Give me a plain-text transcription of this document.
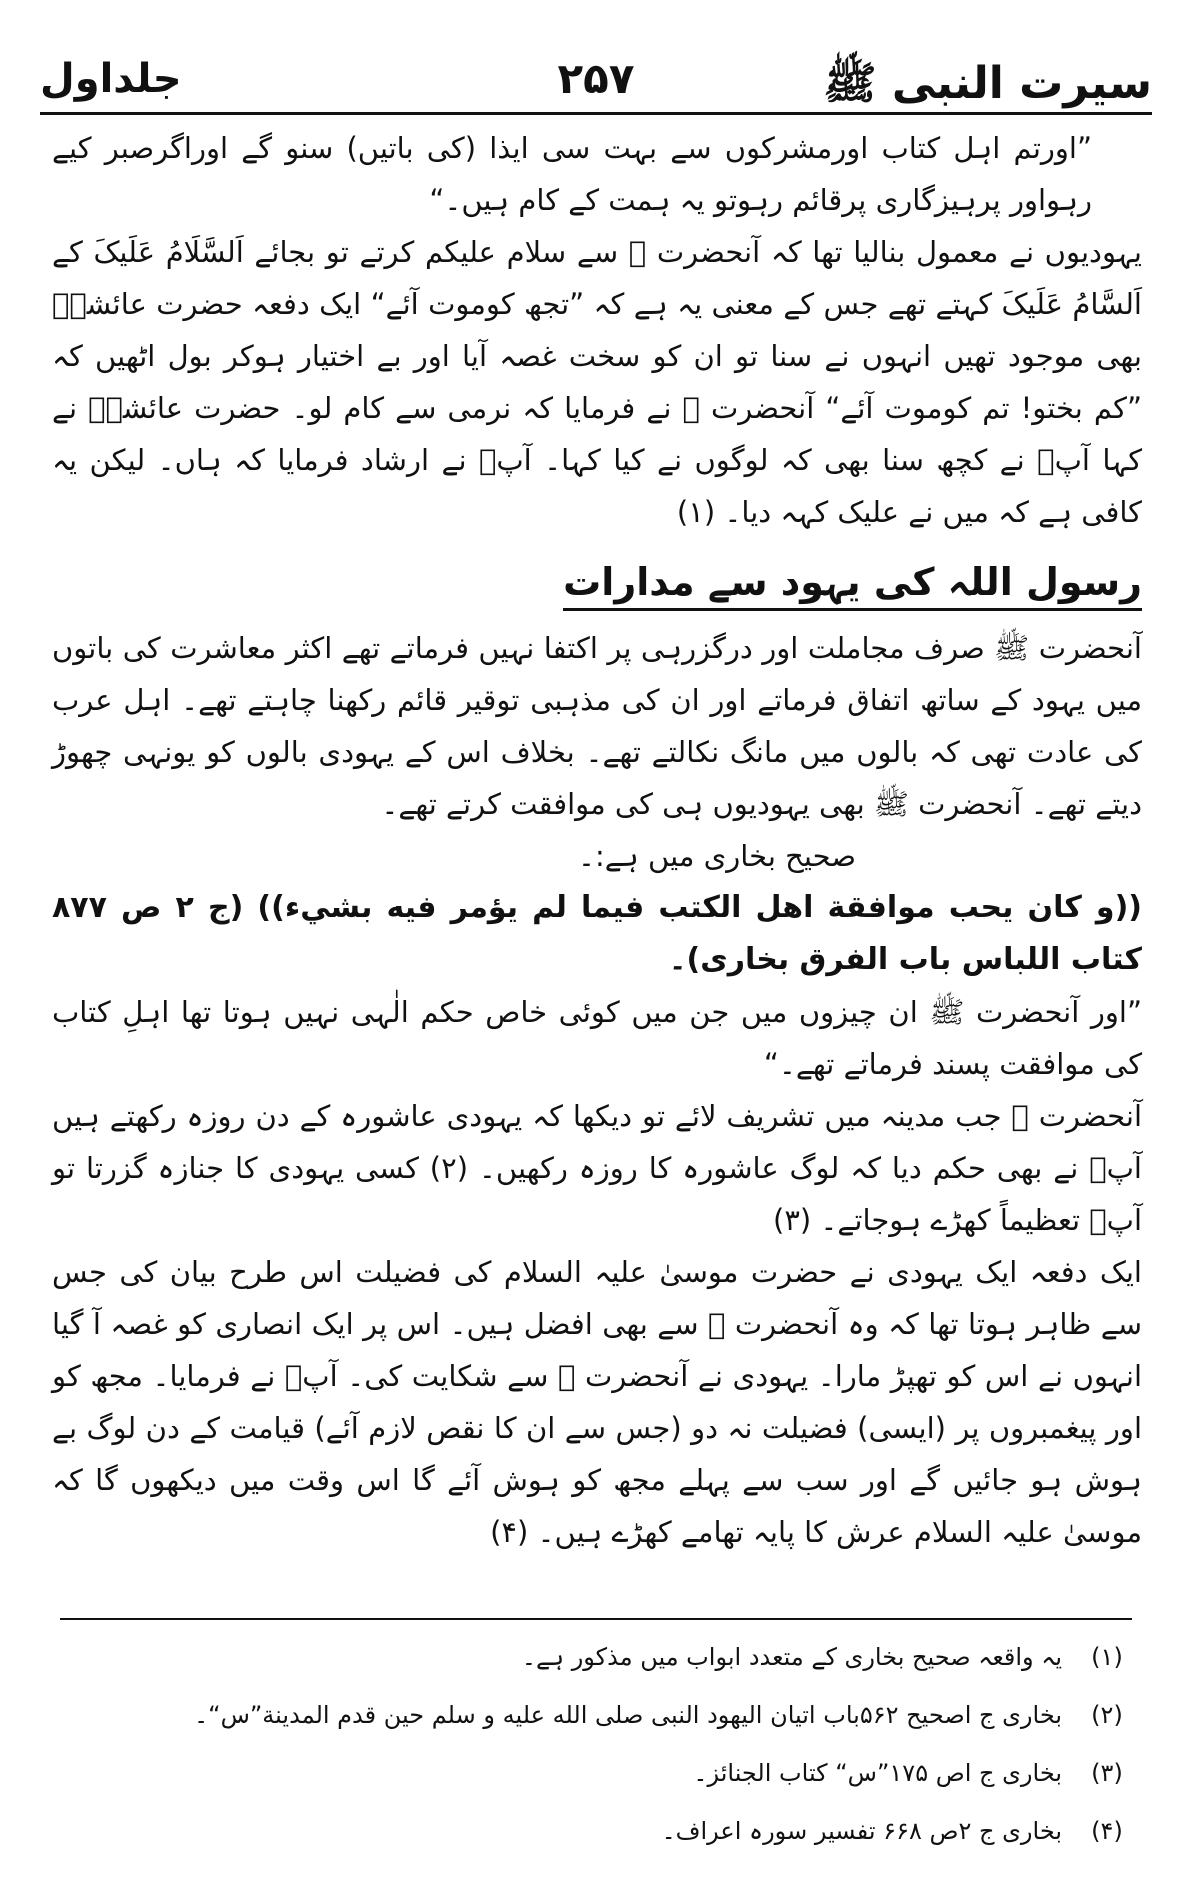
سیرت النبی ﷺ
۲۵۷
جلداول

”اورتم اہل کتاب اورمشرکوں سے بہت سی ایذا (کی باتیں) سنو گے اوراگرصبر کیے رہواور پرہیزگاری پرقائم رہوتو یہ ہمت کے کام ہیں۔“

یہودیوں نے معمول بنالیا تھا کہ آنحضرت ﷺ سے سلام علیکم کرتے تو بجائے اَلسَّلَامُ عَلَیکَ کے اَلسَّامُ عَلَیکَ کہتے تھے جس کے معنی یہ ہے کہ ”تجھ کوموت آئے“ ایک دفعہ حضرت عائشہؓ بھی موجود تھیں انہوں نے سنا تو ان کو سخت غصہ آیا اور بے اختیار ہوکر بول اٹھیں کہ ”کم بختو! تم کوموت آئے“ آنحضرت ﷺ نے فرمایا کہ نرمی سے کام لو۔ حضرت عائشہؓ نے کہا آپؐ نے کچھ سنا بھی کہ لوگوں نے کیا کہا۔ آپؐ نے ارشاد فرمایا کہ ہاں۔ لیکن یہ کافی ہے کہ میں نے علیک کہہ دیا۔ (۱)

رسول اللہ کی یہود سے مدارات

آنحضرت ﷺ صرف مجاملت اور درگزرہی پر اکتفا نہیں فرماتے تھے اکثر معاشرت کی باتوں میں یہود کے ساتھ اتفاق فرماتے اور ان کی مذہبی توقیر قائم رکھنا چاہتے تھے۔ اہل عرب کی عادت تھی کہ بالوں میں مانگ نکالتے تھے۔ بخلاف اس کے یہودی بالوں کو یونہی چھوڑ دیتے تھے۔ آنحضرت ﷺ بھی یہودیوں ہی کی موافقت کرتے تھے۔

صحیح بخاری میں ہے:۔

((و كان يحب موافقة اهل الكتب فيما لم يؤمر فيه بشيء)) (ج ۲ ص ۸۷۷ كتاب اللباس باب الفرق بخاری)۔

”اور آنحضرت ﷺ ان چیزوں میں جن میں کوئی خاص حکم الٰہی نہیں ہوتا تھا اہلِ کتاب کی موافقت پسند فرماتے تھے۔“

آنحضرت ﷺ جب مدینہ میں تشریف لائے تو دیکھا کہ یہودی عاشورہ کے دن روزہ رکھتے ہیں آپؐ نے بھی حکم دیا کہ لوگ عاشورہ کا روزہ رکھیں۔ (۲) کسی یہودی کا جنازہ گزرتا تو آپؐ تعظیماً کھڑے ہوجاتے۔ (۳)

ایک دفعہ ایک یہودی نے حضرت موسیٰ علیہ السلام کی فضیلت اس طرح بیان کی جس سے ظاہر ہوتا تھا کہ وہ آنحضرت ﷺ سے بھی افضل ہیں۔ اس پر ایک انصاری کو غصہ آ گیا انہوں نے اس کو تھپڑ مارا۔ یہودی نے آنحضرت ﷺ سے شکایت کی۔ آپؐ نے فرمایا۔ مجھ کو اور پیغمبروں پر (ایسی) فضیلت نہ دو (جس سے ان کا نقص لازم آئے) قیامت کے دن لوگ بے ہوش ہو جائیں گے اور سب سے پہلے مجھ کو ہوش آئے گا اس وقت میں دیکھوں گا کہ موسیٰ علیہ السلام عرش کا پایہ تھامے کھڑے ہیں۔ (۴)

(۱)
یہ واقعہ صحیح بخاری کے متعدد ابواب میں مذکور ہے۔
(۲)
بخاری ج اصحیح ۵۶۲باب اتيان اليهود النبی صلی الله عليه و سلم حين قدم المدينة”س“۔
(۳)
بخاری ج اص ۱۷۵”س“ کتاب الجنائز۔
(۴)
بخاری ج ۲ص ۶۶۸ تفسیر سورہ اعراف۔
